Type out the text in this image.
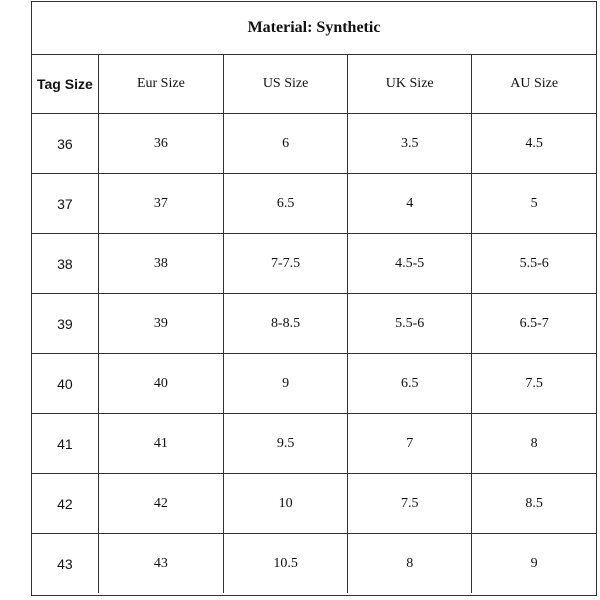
Material: Synthetic
Tag Size	Eur Size	US Size	UK Size	AU Size
36	36	6	3.5	4.5
37	37	6.5	4	5
38	38	7-7.5	4.5-5	5.5-6
39	39	8-8.5	5.5-6	6.5-7
40	40	9	6.5	7.5
41	41	9.5	7	8
42	42	10	7.5	8.5
43	43	10.5	8	9
